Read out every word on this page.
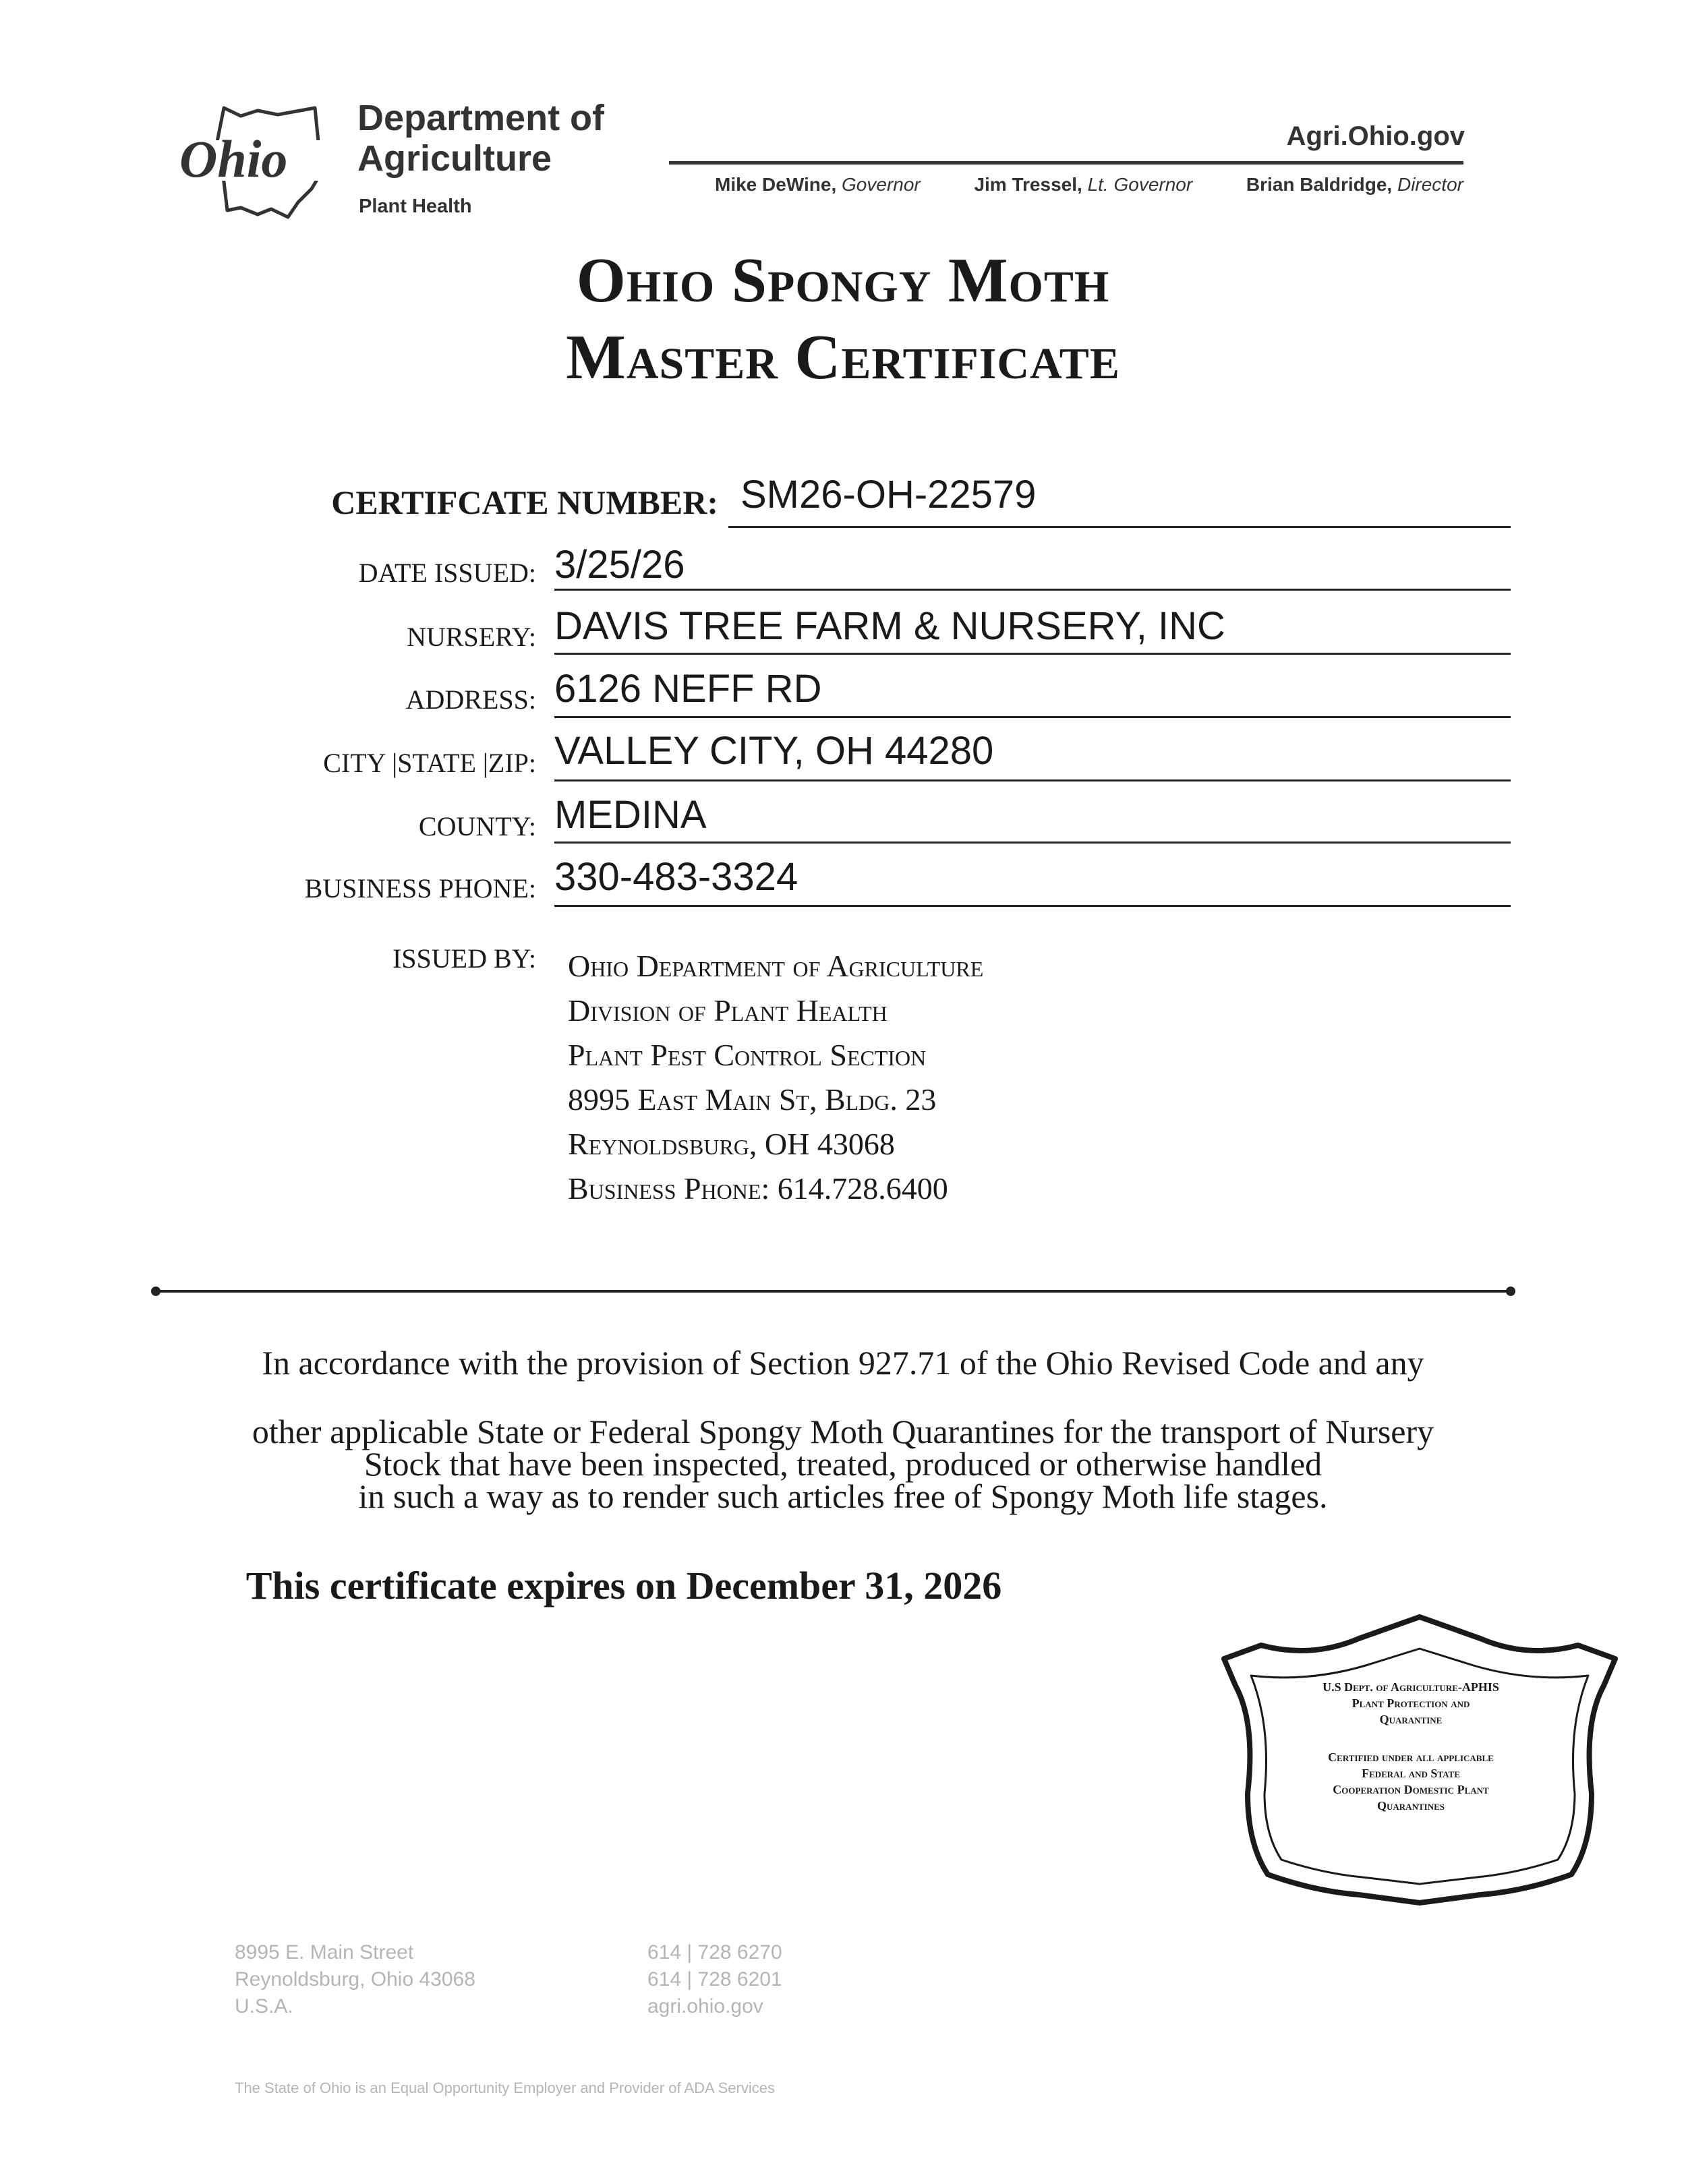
Ohio
Department of
Agriculture
Plant Health
Agri.Ohio.gov
Mike DeWine, Governor	Jim Tressel, Lt. Governor	Brian Baldridge, Director
Ohio Spongy Moth
Master Certificate
CERTIFCATE NUMBER: SM26-OH-22579
DATE ISSUED: 3/25/26
NURSERY: DAVIS TREE FARM & NURSERY, INC
ADDRESS: 6126 NEFF RD
CITY |STATE |ZIP: VALLEY CITY, OH 44280
COUNTY: MEDINA
BUSINESS PHONE: 330-483-3324
ISSUED BY: Ohio Department of Agriculture
Division of Plant Health
Plant Pest Control Section
8995 East Main St, Bldg. 23
Reynoldsburg, OH 43068
Business Phone: 614.728.6400
In accordance with the provision of Section 927.71 of the Ohio Revised Code and any
other applicable State or Federal Spongy Moth Quarantines for the transport of Nursery
Stock that have been inspected, treated, produced or otherwise handled
in such a way as to render such articles free of Spongy Moth life stages.
This certificate expires on December 31, 2026
U.S Dept. of Agriculture-APHIS
Plant Protection and
Quarantine
Certified under all applicable
Federal and State
Cooperation Domestic Plant
Quarantines
8995 E. Main Street
Reynoldsburg, Ohio 43068
U.S.A.
614 | 728 6270
614 | 728 6201
agri.ohio.gov
The State of Ohio is an Equal Opportunity Employer and Provider of ADA Services
